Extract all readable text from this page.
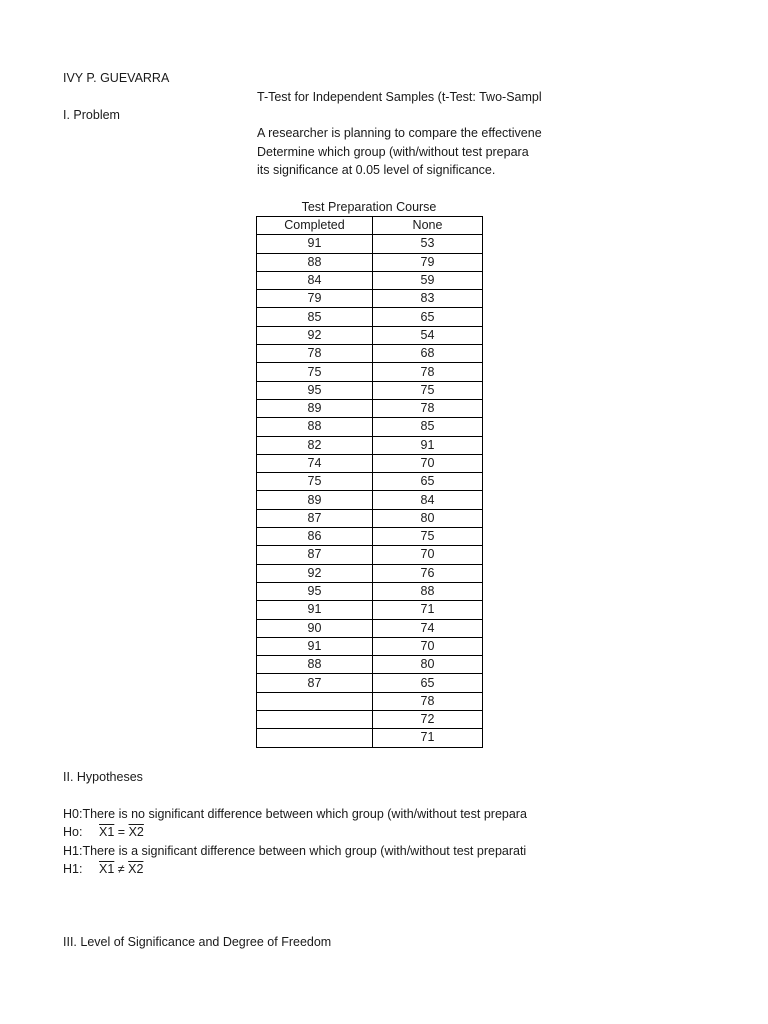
IVY P. GUEVARRA
T-Test for Independent Samples (t-Test: Two-Sampl
I. Problem
A researcher is planning to compare the effectivene
Determine which group (with/without test prepara
its significance at 0.05 level of significance.
Test Preparation Course
Completed	None
91	53
88	79
84	59
79	83
85	65
92	54
78	68
75	78
95	75
89	78
88	85
82	91
74	70
75	65
89	84
87	80
86	75
87	70
92	76
95	88
91	71
90	74
91	70
88	80
87	65
	78
	72
	71
II. Hypotheses
H0:There is no significant difference between which group (with/without test prepara
Ho: X1 = X2
H1:There is a significant difference between which group (with/without test preparati
H1: X1 ≠ X2
III. Level of Significance and Degree of Freedom
